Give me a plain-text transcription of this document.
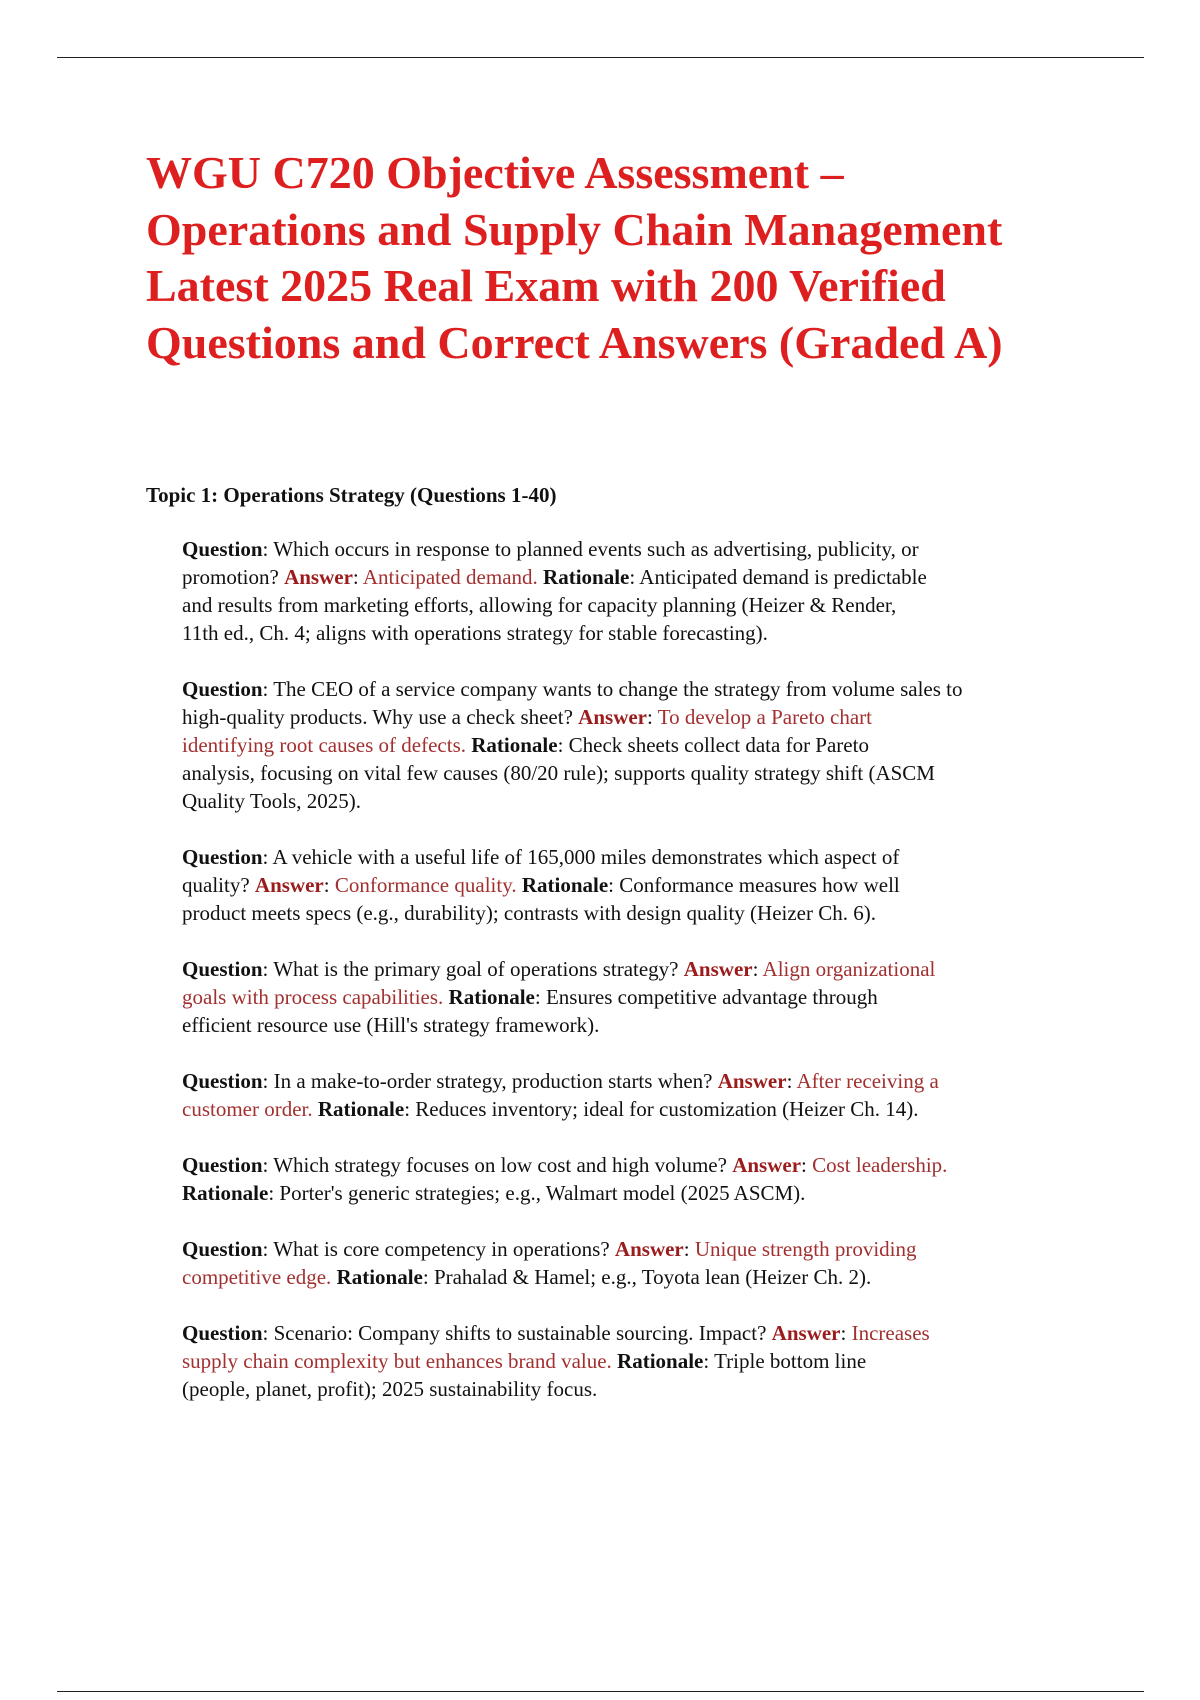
WGU C720 Objective Assessment –
Operations and Supply Chain Management
Latest 2025 Real Exam with 200 Verified
Questions and Correct Answers (Graded A)
Topic 1: Operations Strategy (Questions 1-40)

Question: Which occurs in response to planned events such as advertising, publicity, or
promotion? Answer: Anticipated demand. Rationale: Anticipated demand is predictable
and results from marketing efforts, allowing for capacity planning (Heizer & Render,
11th ed., Ch. 4; aligns with operations strategy for stable forecasting).

Question: The CEO of a service company wants to change the strategy from volume sales to
high-quality products. Why use a check sheet? Answer: To develop a Pareto chart
identifying root causes of defects. Rationale: Check sheets collect data for Pareto
analysis, focusing on vital few causes (80/20 rule); supports quality strategy shift (ASCM
Quality Tools, 2025).

Question: A vehicle with a useful life of 165,000 miles demonstrates which aspect of
quality? Answer: Conformance quality. Rationale: Conformance measures how well
product meets specs (e.g., durability); contrasts with design quality (Heizer Ch. 6).

Question: What is the primary goal of operations strategy? Answer: Align organizational
goals with process capabilities. Rationale: Ensures competitive advantage through
efficient resource use (Hill's strategy framework).

Question: In a make-to-order strategy, production starts when? Answer: After receiving a
customer order. Rationale: Reduces inventory; ideal for customization (Heizer Ch. 14).

Question: Which strategy focuses on low cost and high volume? Answer: Cost leadership.
Rationale: Porter's generic strategies; e.g., Walmart model (2025 ASCM).

Question: What is core competency in operations? Answer: Unique strength providing
competitive edge. Rationale: Prahalad & Hamel; e.g., Toyota lean (Heizer Ch. 2).

Question: Scenario: Company shifts to sustainable sourcing. Impact? Answer: Increases
supply chain complexity but enhances brand value. Rationale: Triple bottom line
(people, planet, profit); 2025 sustainability focus.
